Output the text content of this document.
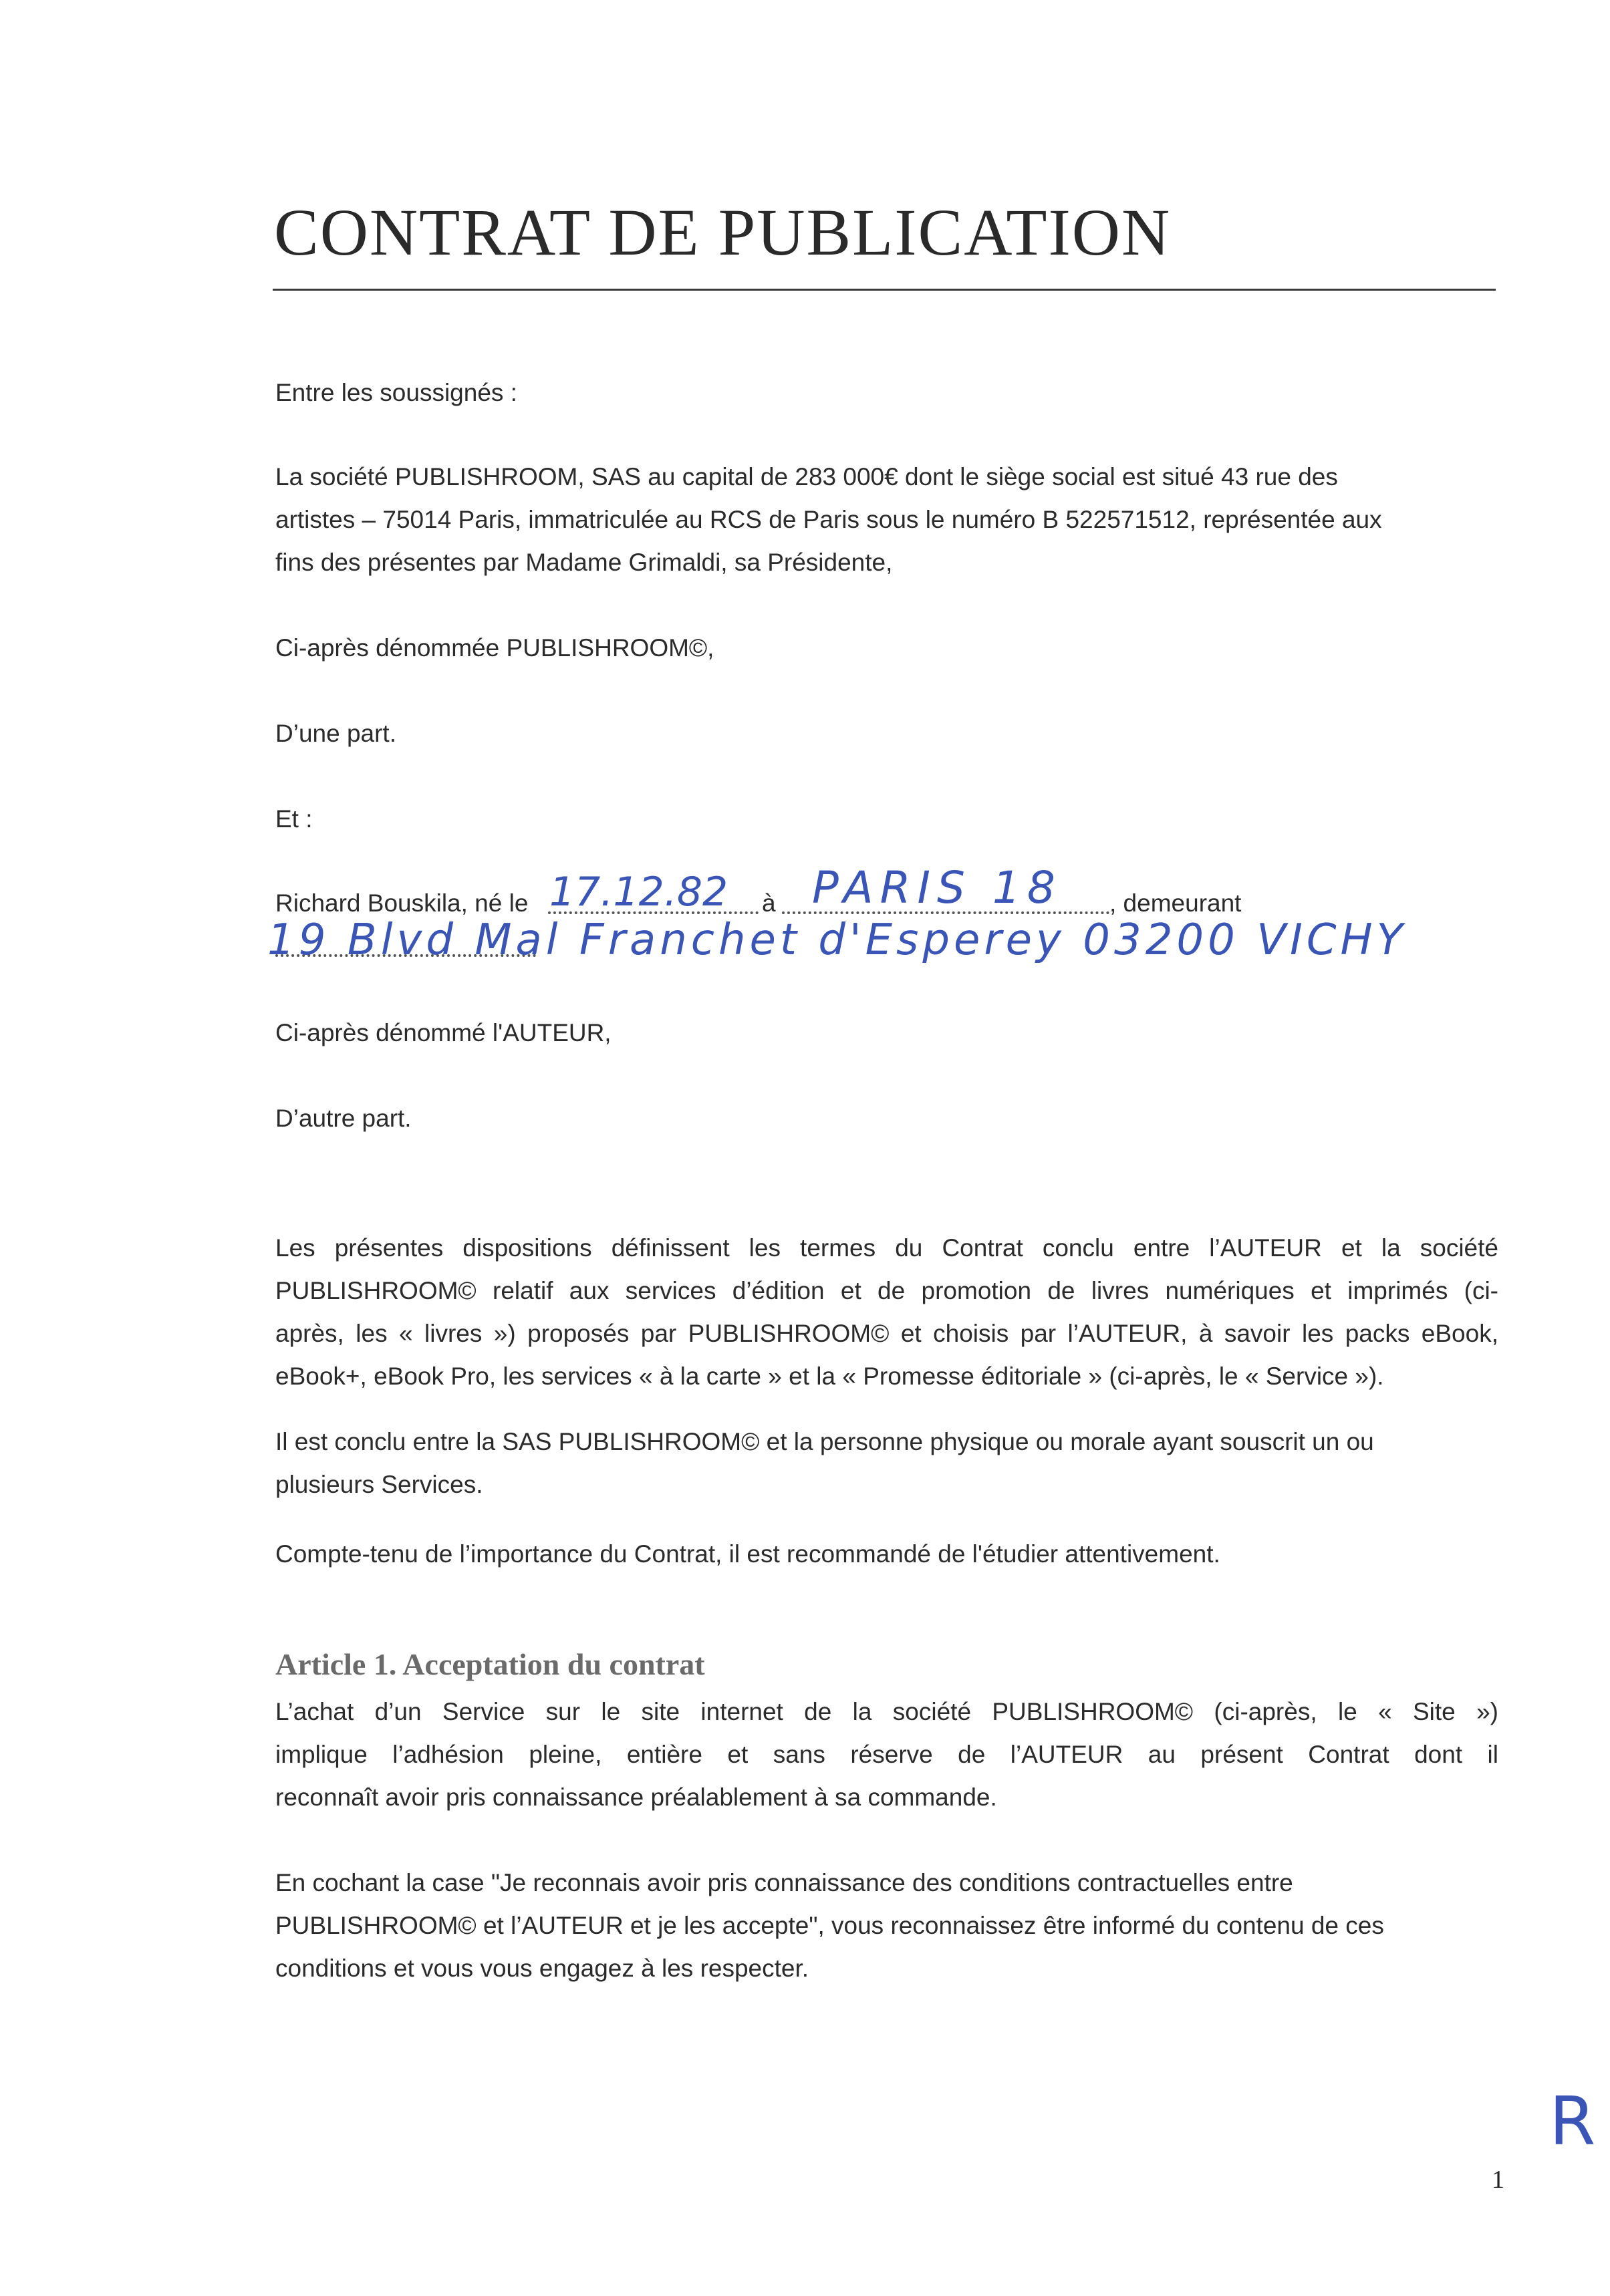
CONTRAT DE PUBLICATION

Entre les soussignés :

La société PUBLISHROOM, SAS au capital de 283 000€ dont le siège social est situé 43 rue des

artistes – 75014 Paris, immatriculée au RCS de Paris sous le numéro B 522571512, représentée aux

fins des présentes par Madame Grimaldi, sa Présidente,

Ci-après dénommée PUBLISHROOM©,

D’une part.

Et :

Richard Bouskila, né le 17.12.82 à PARIS 18 , demeurant

19 Blvd Mal Franchet d'Esperey 03200 VICHY

Ci-après dénommé l'AUTEUR,

D’autre part.

Les présentes dispositions définissent les termes du Contrat conclu entre l’AUTEUR et la société

PUBLISHROOM© relatif aux services d’édition et de promotion de livres numériques et imprimés (ci-

après, les « livres ») proposés par PUBLISHROOM© et choisis par l’AUTEUR, à savoir les packs eBook,

eBook+, eBook Pro, les services « à la carte » et la « Promesse éditoriale » (ci-après, le « Service »).

Il est conclu entre la SAS PUBLISHROOM© et la personne physique ou morale ayant souscrit un ou

plusieurs Services.

Compte-tenu de l’importance du Contrat, il est recommandé de l'étudier attentivement.

Article 1. Acceptation du contrat

L’achat d’un Service sur le site internet de la société PUBLISHROOM© (ci-après, le « Site »)

implique l’adhésion pleine, entière et sans réserve de l’AUTEUR au présent Contrat dont il

reconnaît avoir pris connaissance préalablement à sa commande.

En cochant la case "Je reconnais avoir pris connaissance des conditions contractuelles entre

PUBLISHROOM© et l’AUTEUR et je les accepte", vous reconnaissez être informé du contenu de ces

conditions et vous vous engagez à les respecter.

R
1
